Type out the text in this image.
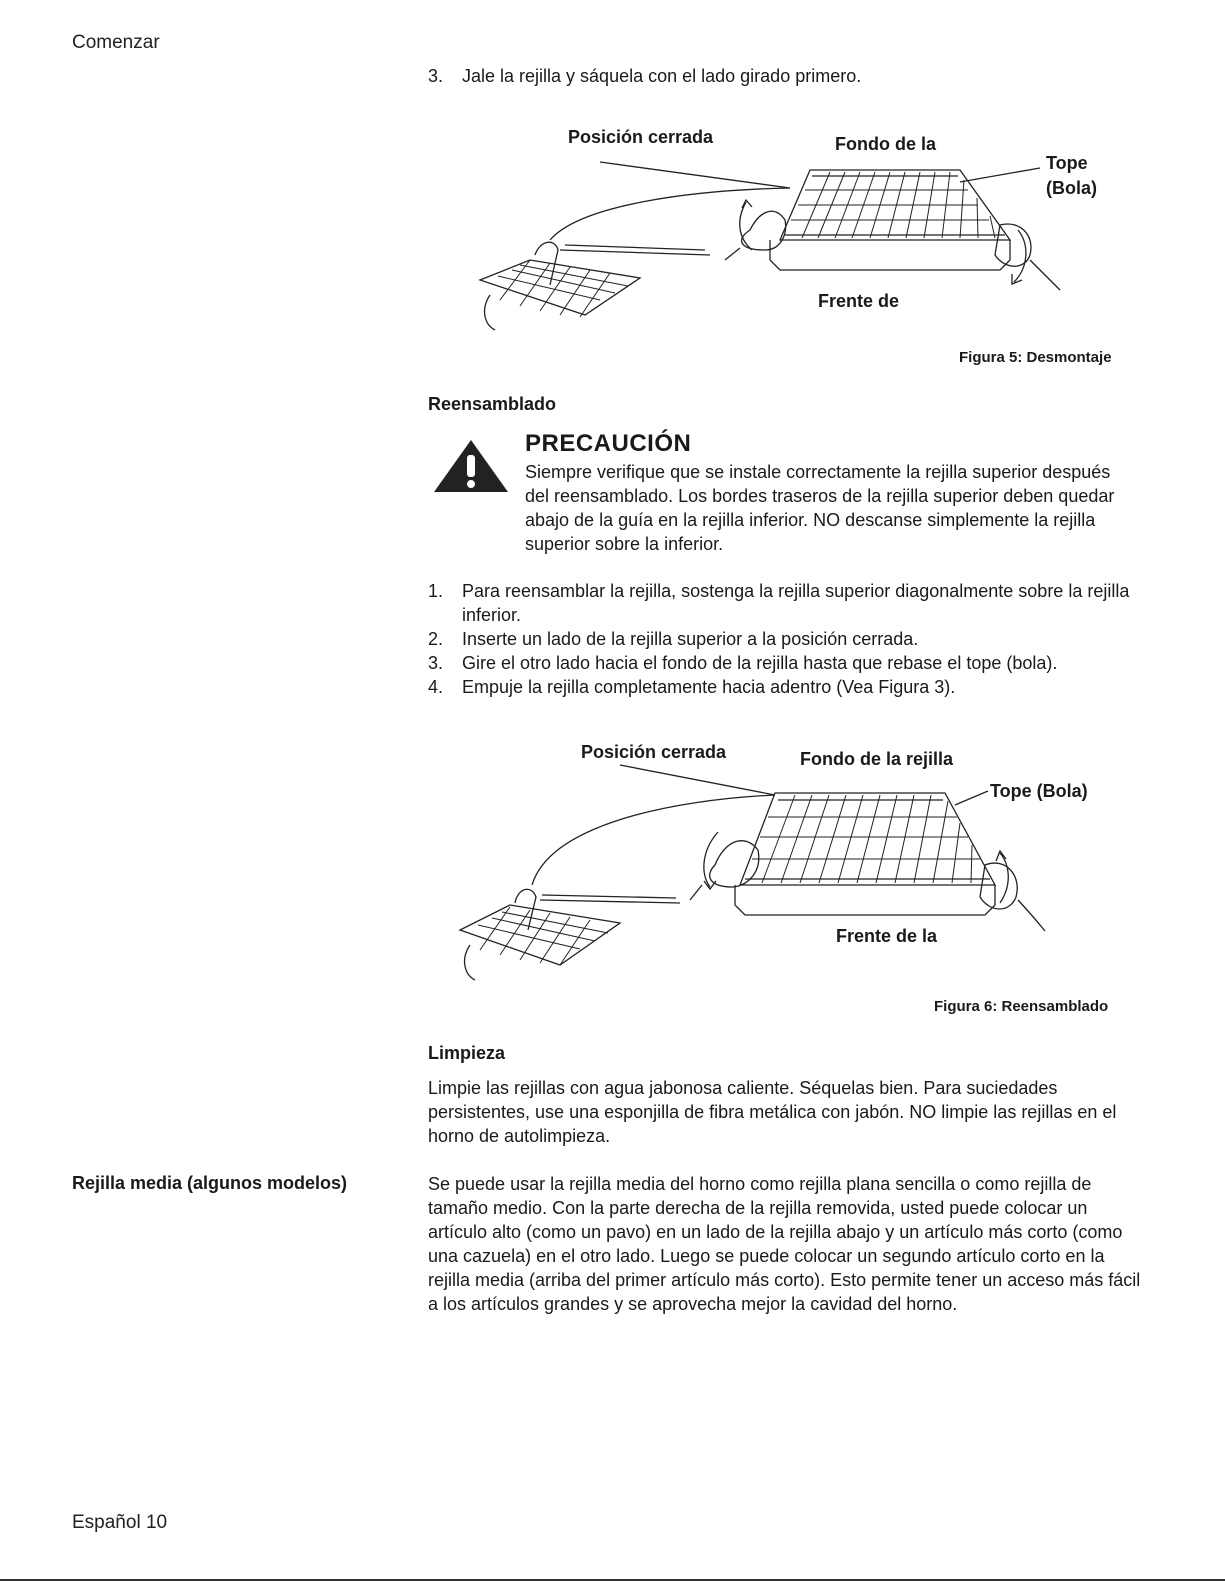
Comenzar
3. Jale la rejilla y sáquela con el lado girado primero.
Posición cerrada	Fondo de la
Tope
(Bola)
Frente de
Figura 5: Desmontaje
Reensamblado
PRECAUCIÓN
Siempre verifique que se instale correctamente la rejilla superior después del reensamblado. Los bordes traseros de la rejilla superior deben quedar abajo de la guía en la rejilla inferior. NO descanse simplemente la rejilla superior sobre la inferior.
1.	Para reensamblar la rejilla, sostenga la rejilla superior diagonalmente sobre la rejilla inferior.
2.	Inserte un lado de la rejilla superior a la posición cerrada.
3.	Gire el otro lado hacia el fondo de la rejilla hasta que rebase el tope (bola).
4.	Empuje la rejilla completamente hacia adentro (Vea Figura 3).
Posición cerrada	Fondo de la rejilla
Tope (Bola)
Frente de la
Figura 6: Reensamblado
Limpieza
Limpie las rejillas con agua jabonosa caliente. Séquelas bien. Para suciedades persistentes, use una esponjilla de fibra metálica con jabón. NO limpie las rejillas en el horno de autolimpieza.
Rejilla media (algunos modelos)	Se puede usar la rejilla media del horno como rejilla plana sencilla o como rejilla de tamaño medio. Con la parte derecha de la rejilla removida, usted puede colocar un artículo alto (como un pavo) en un lado de la rejilla abajo y un artículo más corto (como una cazuela) en el otro lado. Luego se puede colocar un segundo artículo corto en la rejilla media (arriba del primer artículo más corto). Esto permite tener un acceso más fácil a los artículos grandes y se aprovecha mejor la cavidad del horno.
Español 10
